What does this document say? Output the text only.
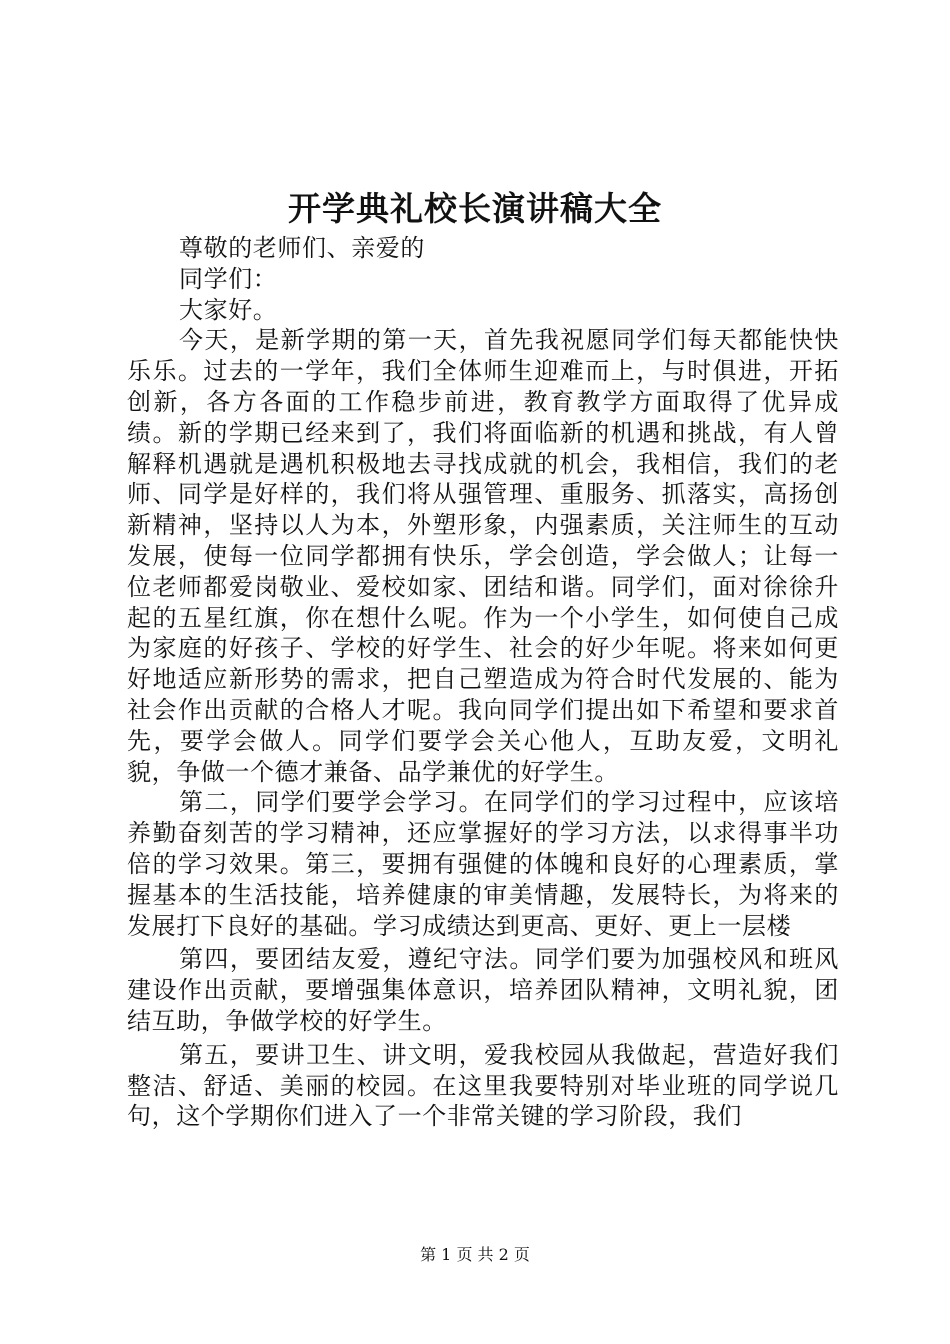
开学典礼校长演讲稿大全

尊敬的老师们、亲爱的

同学们：

大家好。

今天，是新学期的第一天，首先我祝愿同学们每天都能快快乐乐。过去的一学年，我们全体师生迎难而上，与时俱进，开拓创新，各方各面的工作稳步前进，教育教学方面取得了优异成绩。新的学期已经来到了，我们将面临新的机遇和挑战，有人曾解释机遇就是遇机积极地去寻找成就的机会，我相信，我们的老师、同学是好样的，我们将从强管理、重服务、抓落实，高扬创新精神，坚持以人为本，外塑形象，内强素质，关注师生的互动发展，使每一位同学都拥有快乐，学会创造，学会做人；让每一位老师都爱岗敬业、爱校如家、团结和谐。同学们，面对徐徐升起的五星红旗，你在想什么呢。作为一个小学生，如何使自己成为家庭的好孩子、学校的好学生、社会的好少年呢。将来如何更好地适应新形势的需求，把自己塑造成为符合时代发展的、能为社会作出贡献的合格人才呢。我向同学们提出如下希望和要求首先，要学会做人。同学们要学会关心他人，互助友爱，文明礼貌，争做一个德才兼备、品学兼优的好学生。

第二，同学们要学会学习。在同学们的学习过程中，应该培养勤奋刻苦的学习精神，还应掌握好的学习方法，以求得事半功倍的学习效果。第三，要拥有强健的体魄和良好的心理素质，掌握基本的生活技能，培养健康的审美情趣，发展特长，为将来的发展打下良好的基础。学习成绩达到更高、更好、更上一层楼

第四，要团结友爱，遵纪守法。同学们要为加强校风和班风建设作出贡献，要增强集体意识，培养团队精神，文明礼貌，团结互助，争做学校的好学生。

第五，要讲卫生、讲文明，爱我校园从我做起，营造好我们整洁、舒适、美丽的校园。在这里我要特别对毕业班的同学说几句，这个学期你们进入了一个非常关键的学习阶段，我们

第 1 页 共 2 页
